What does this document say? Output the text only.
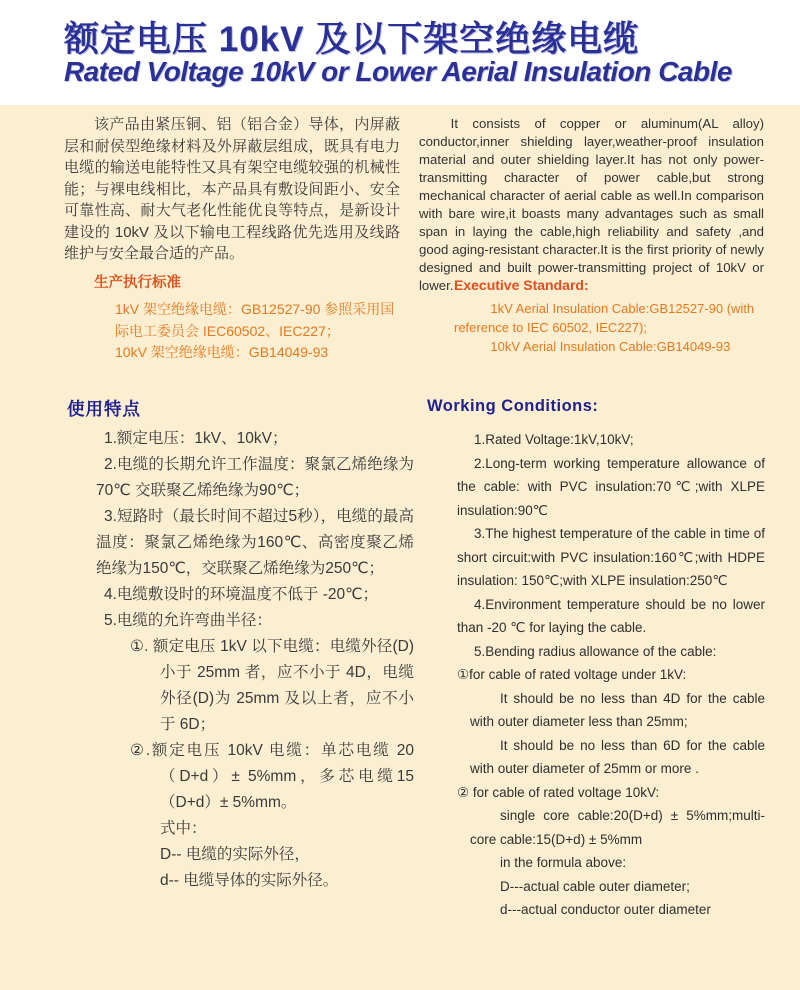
额定电压 10kV 及以下架空绝缘电缆
Rated Voltage 10kV or Lower Aerial Insulation Cable

该产品由紧压铜、铝（铝合金）导体，内屏蔽层和耐侯型绝缘材料及外屏蔽层组成，既具有电力电缆的输送电能特性又具有架空电缆较强的机械性能；与裸电线相比，本产品具有敷设间距小、安全可靠性高、耐大气老化性能优良等特点，是新设计建设的 10kV 及以下输电工程线路优先选用及线路维护与安全最合适的产品。

It consists of copper or aluminum(AL alloy) conductor,inner shielding layer,weather-proof insulation material and outer shielding layer.It has not only power-transmitting character of power cable,but strong mechanical character of aerial cable as well.In comparison with bare wire,it boasts many advantages such as small span in laying the cable,high reliability and safety ,and good aging-resistant character.It is the first priority of newly designed and built power-transmitting project of 10kV or lower.

生产执行标准

1kV 架空绝缘电缆：GB12527-90 参照采用国际电工委员会 IEC60502、IEC227；

10kV 架空绝缘电缆：GB14049-93

Executive Standard:

1kV Aerial Insulation Cable:GB12527-90 (with reference to IEC 60502, IEC227);

10kV Aerial Insulation Cable:GB14049-93

使用特点

1.额定电压：1kV、10kV；

2.电缆的长期允许工作温度：聚氯乙烯绝缘为70℃ 交联聚乙烯绝缘为90℃；

3.短路时（最长时间不超过5秒），电缆的最高温度：聚氯乙烯绝缘为160℃、高密度聚乙烯绝缘为150℃，交联聚乙烯绝缘为250℃；

4.电缆敷设时的环境温度不低于 -20℃；

5.电缆的允许弯曲半径：

①. 额定电压 1kV 以下电缆：电缆外径(D)小于 25mm 者，应不小于 4D，电缆外径(D)为 25mm 及以上者，应不小于 6D；

②.额定电压 10kV 电缆：单芯电缆 20（D+d）± 5%mm，多芯电缆15（D+d）± 5%mm。

式中：

D-- 电缆的实际外径，

d-- 电缆导体的实际外径。

Working Conditions:

1.Rated Voltage:1kV,10kV;

2.Long-term working temperature allowance of the cable: with PVC insulation:70℃;with XLPE insulation:90℃

3.The highest temperature of the cable in time of short circuit:with PVC insulation:160℃;with HDPE insulation: 150℃;with XLPE insulation:250℃

4.Environment temperature should be no lower than -20 ℃ for laying the cable.

5.Bending radius allowance of the cable:

①for cable of rated voltage under 1kV:

It should be no less than 4D for the cable with outer diameter less than 25mm;

It should be no less than 6D for the cable with outer diameter of 25mm or more .

② for cable of rated voltage 10kV:

single core cable:20(D+d) ± 5%mm;multi-core cable:15(D+d) ± 5%mm

in the formula above:

D---actual cable outer diameter;

d---actual conductor outer diameter
